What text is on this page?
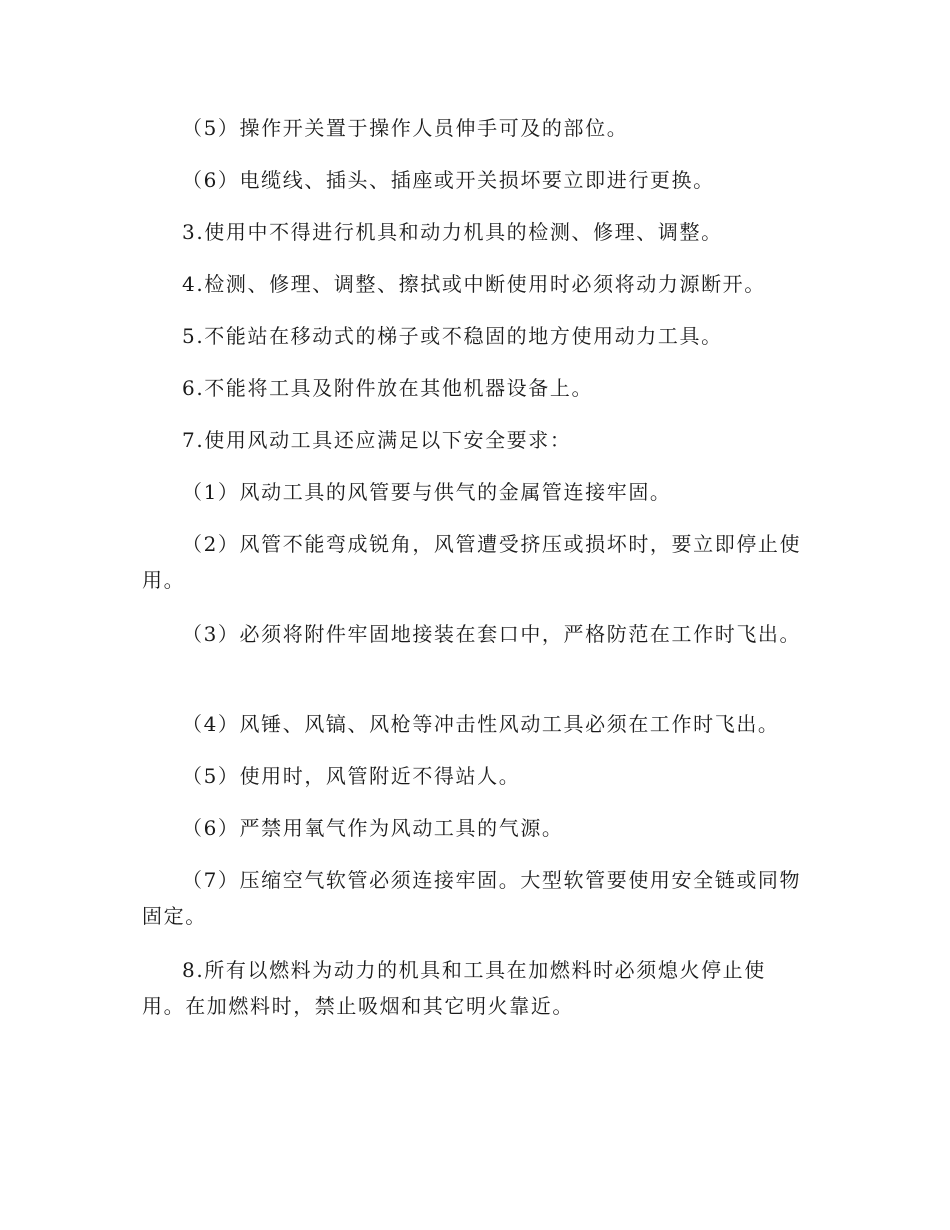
（5）操作开关置于操作人员伸手可及的部位。

（6）电缆线、插头、插座或开关损坏要立即进行更换。

3.使用中不得进行机具和动力机具的检测、修理、调整。

4.检测、修理、调整、擦拭或中断使用时必须将动力源断开。

5.不能站在移动式的梯子或不稳固的地方使用动力工具。

6.不能将工具及附件放在其他机器设备上。

7.使用风动工具还应满足以下安全要求：

（1）风动工具的风管要与供气的金属管连接牢固。

（2）风管不能弯成锐角，风管遭受挤压或损坏时，要立即停止使用。

（3）必须将附件牢固地接装在套口中，严格防范在工作时飞出。

（4）风锤、风镐、风枪等冲击性风动工具必须在工作时飞出。

（5）使用时，风管附近不得站人。

（6）严禁用氧气作为风动工具的气源。

（7）压缩空气软管必须连接牢固。大型软管要使用安全链或同物固定。

8.所有以燃料为动力的机具和工具在加燃料时必须熄火停止使用。在加燃料时，禁止吸烟和其它明火靠近。
